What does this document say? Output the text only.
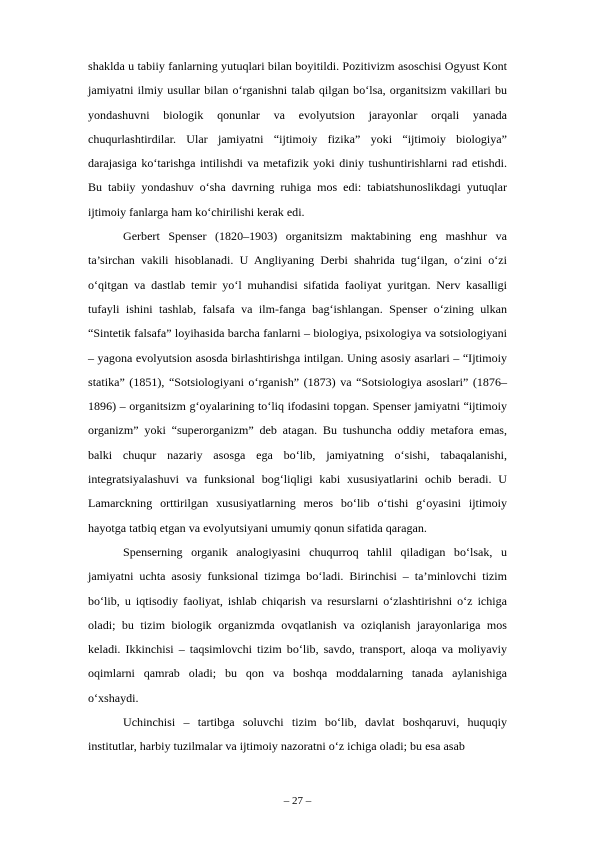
shaklda u tabiiy fanlarning yutuqlari bilan boyitildi. Pozitivizm asoschisi Ogyust Kont jamiyatni ilmiy usullar bilan o‘rganishni talab qilgan bo‘lsa, organitsizm vakillari bu yondashuvni biologik qonunlar va evolyutsion jarayonlar orqali yanada chuqurlashtirdilar. Ular jamiyatni “ijtimoiy fizika” yoki “ijtimoiy biologiya” darajasiga ko‘tarishga intilishdi va metafizik yoki diniy tushuntirishlarni rad etishdi. Bu tabiiy yondashuv o‘sha davrning ruhiga mos edi: tabiatshunoslikdagi yutuqlar ijtimoiy fanlarga ham ko‘chirilishi kerak edi.

Gerbert Spenser (1820–1903) organitsizm maktabining eng mashhur va ta’sirchan vakili hisoblanadi. U Angliyaning Derbi shahrida tug‘ilgan, o‘zini o‘zi o‘qitgan va dastlab temir yo‘l muhandisi sifatida faoliyat yuritgan. Nerv kasalligi tufayli ishini tashlab, falsafa va ilm-fanga bag‘ishlangan. Spenser o‘zining ulkan “Sintetik falsafa” loyihasida barcha fanlarni – biologiya, psixologiya va sotsiologiyani – yagona evolyutsion asosda birlashtirishga intilgan. Uning asosiy asarlari – “Ijtimoiy statika” (1851), “Sotsiologiyani o‘rganish” (1873) va “Sotsiologiya asoslari” (1876–1896) – organitsizm g‘oyalarining to‘liq ifodasini topgan. Spenser jamiyatni “ijtimoiy organizm” yoki “superorganizm” deb atagan. Bu tushuncha oddiy metafora emas, balki chuqur nazariy asosga ega bo‘lib, jamiyatning o‘sishi, tabaqalanishi, integratsiyalashuvi va funksional bog‘liqligi kabi xususiyatlarini ochib beradi. U Lamarckning orttirilgan xususiyatlarning meros bo‘lib o‘tishi g‘oyasini ijtimoiy hayotga tatbiq etgan va evolyutsiyani umumiy qonun sifatida qaragan.

Spenserning organik analogiyasini chuqurroq tahlil qiladigan bo‘lsak, u jamiyatni uchta asosiy funksional tizimga bo‘ladi. Birinchisi – ta’minlovchi tizim bo‘lib, u iqtisodiy faoliyat, ishlab chiqarish va resurslarni o‘zlashtirishni o‘z ichiga oladi; bu tizim biologik organizmda ovqatlanish va oziqlanish jarayonlariga mos keladi. Ikkinchisi – taqsimlovchi tizim bo‘lib, savdo, transport, aloqa va moliyaviy oqimlarni qamrab oladi; bu qon va boshqa moddalarning tanada aylanishiga o‘xshaydi.

Uchinchisi – tartibga soluvchi tizim bo‘lib, davlat boshqaruvi, huquqiy institutlar, harbiy tuzilmalar va ijtimoiy nazoratni o‘z ichiga oladi; bu esa asab

– 27 –
